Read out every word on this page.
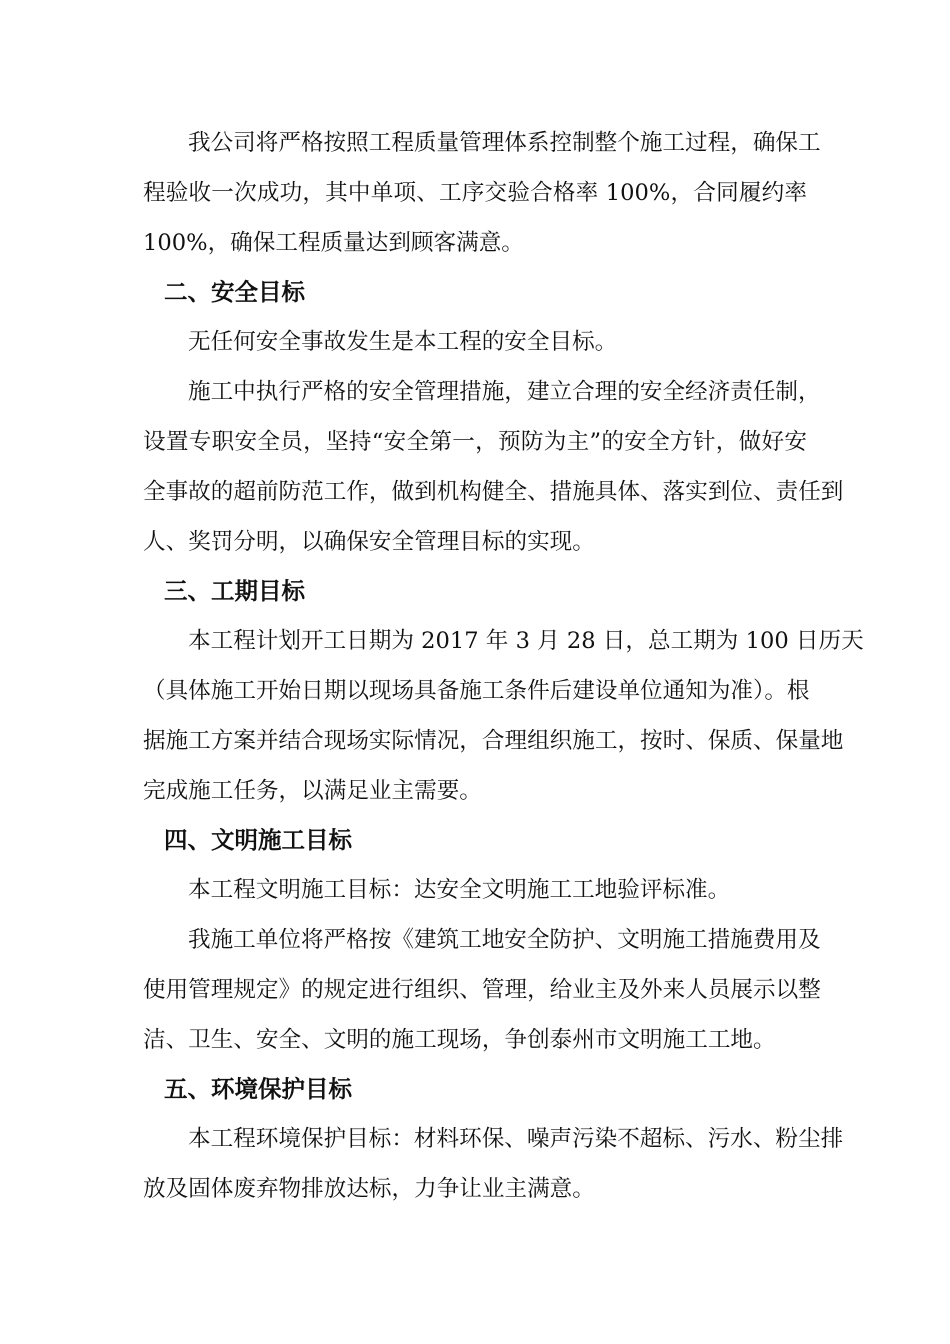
我公司将严格按照工程质量管理体系控制整个施工过程，确保工
程验收一次成功，其中单项、工序交验合格率 100%，合同履约率
100%，确保工程质量达到顾客满意。
二、安全目标
无任何安全事故发生是本工程的安全目标。
施工中执行严格的安全管理措施，建立合理的安全经济责任制，
设置专职安全员，坚持“安全第一，预防为主”的安全方针，做好安
全事故的超前防范工作，做到机构健全、措施具体、落实到位、责任到
人、奖罚分明，以确保安全管理目标的实现。
三、工期目标
本工程计划开工日期为 2017 年 3 月 28 日，总工期为 100 日历天
（具体施工开始日期以现场具备施工条件后建设单位通知为准）。根
据施工方案并结合现场实际情况，合理组织施工，按时、保质、保量地
完成施工任务，以满足业主需要。
四、文明施工目标
本工程文明施工目标：达安全文明施工工地验评标准。
我施工单位将严格按《建筑工地安全防护、文明施工措施费用及
使用管理规定》的规定进行组织、管理，给业主及外来人员展示以整
洁、卫生、安全、文明的施工现场，争创泰州市文明施工工地。
五、环境保护目标
本工程环境保护目标：材料环保、噪声污染不超标、污水、粉尘排
放及固体废弃物排放达标，力争让业主满意。
